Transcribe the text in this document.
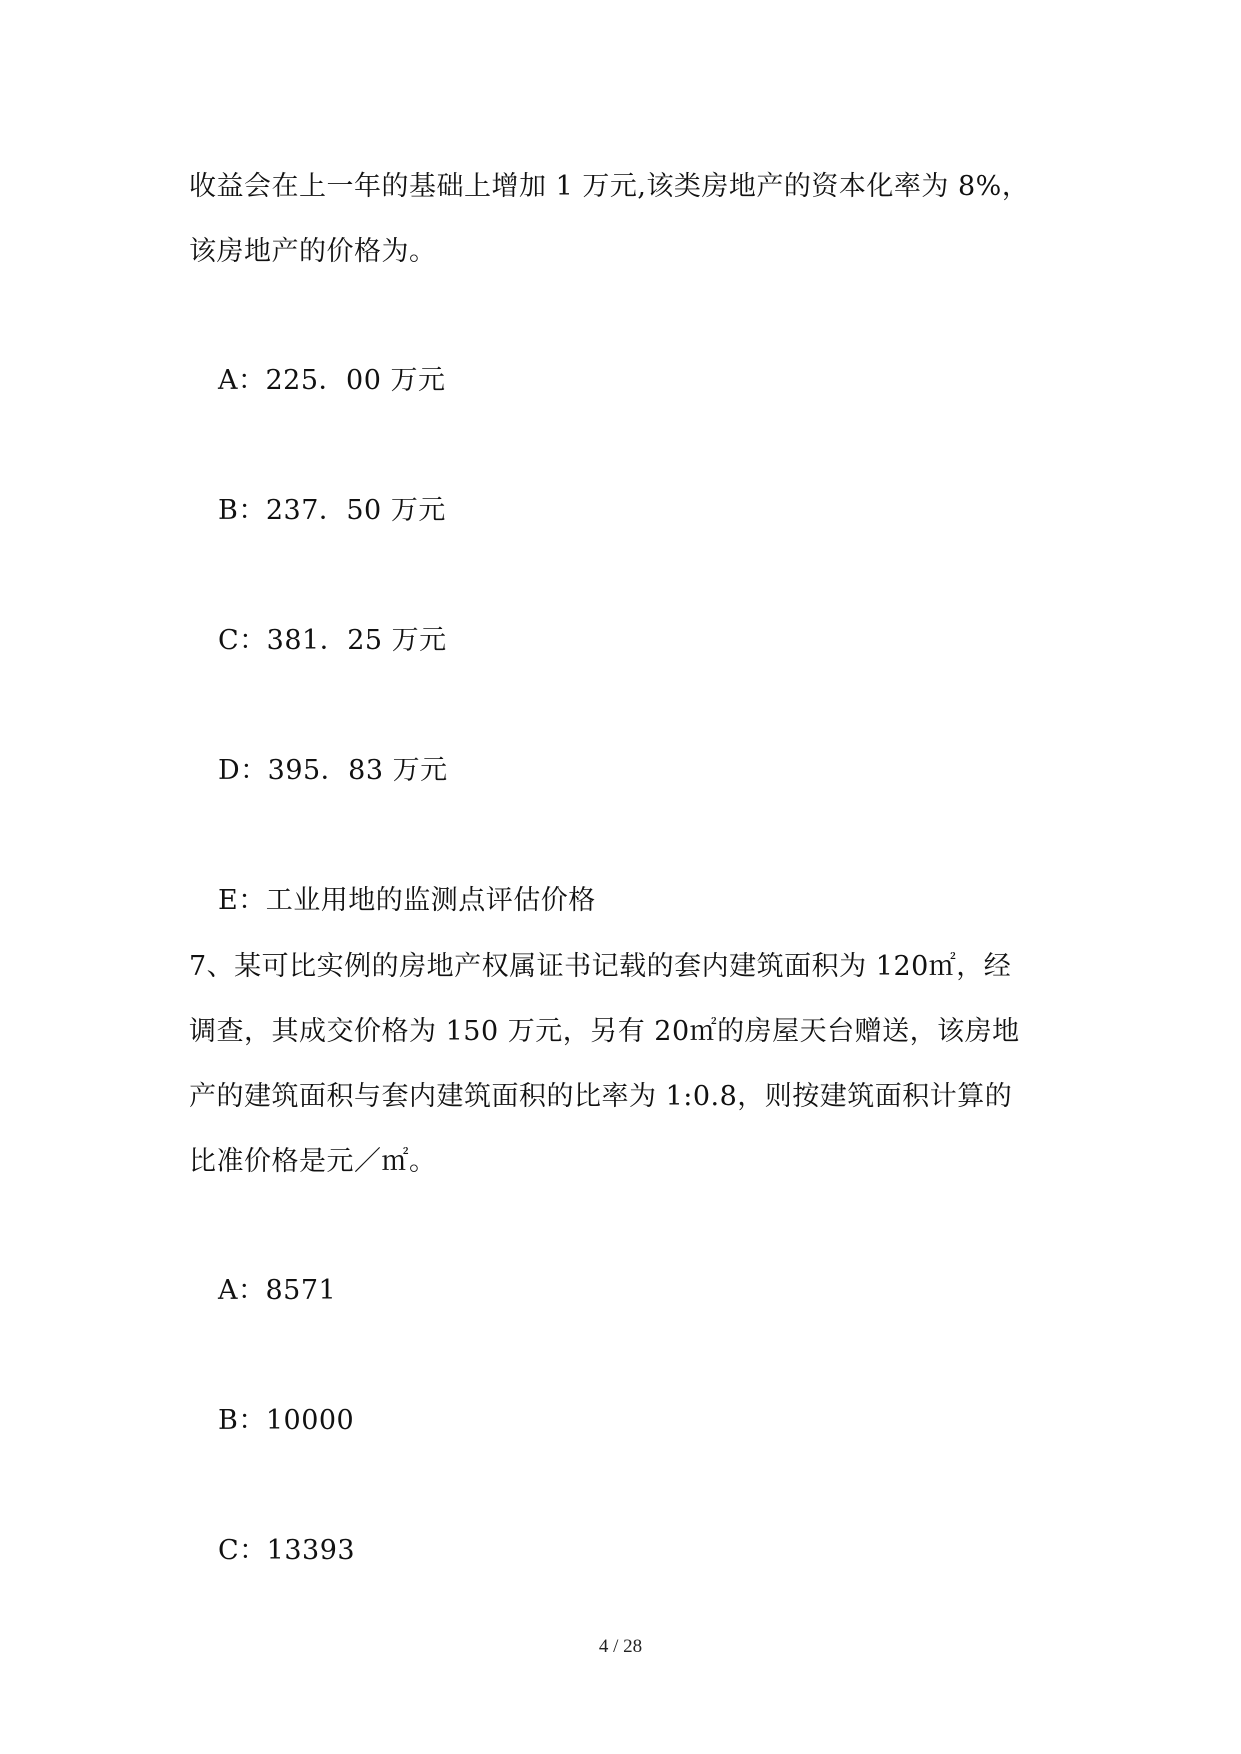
收益会在上一年的基础上增加 1 万元,该类房地产的资本化率为 8%，
该房地产的价格为。
A：225．00 万元
B：237．50 万元
C：381．25 万元
D：395．83 万元
E：工业用地的监测点评估价格
7、某可比实例的房地产权属证书记载的套内建筑面积为 120㎡，经
调查，其成交价格为 150 万元，另有 20㎡的房屋天台赠送，该房地
产的建筑面积与套内建筑面积的比率为 1:0.8，则按建筑面积计算的
比准价格是元／㎡。
A：8571
B：10000
C：13393
4 / 28
